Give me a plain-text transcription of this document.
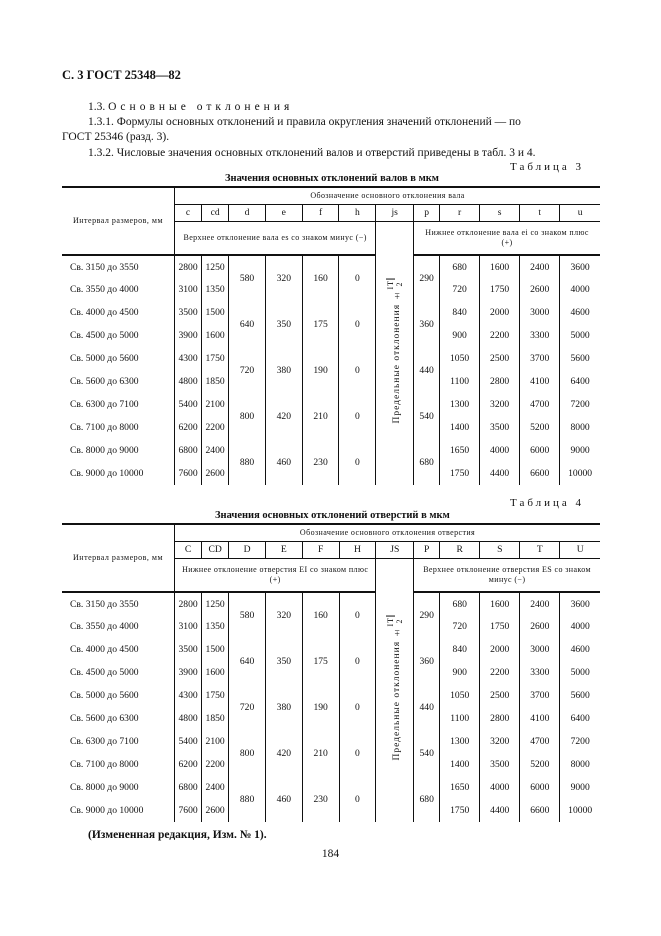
С. 3 ГОСТ 25348—82
1.3. Основные отклонения
1.3.1. Формулы основных отклонений и правила округления значений отклонений — по
ГОСТ 25346 (разд. 3).
1.3.2. Числовые значения основных отклонений валов и отверстий приведены в табл. 3 и 4.
Таблица 3
Значения основных отклонений валов в мкм
Интервал размеров, мм	Обозначение основного отклонения вала											
	c	cd	d	e	f	h	js	p	r	s	t	u
	Верхнее отклонение вала es со знаком минус (−)						Предельные отклонения ±
IT 2	Нижнее отклонение вала ei со знаком плюс (+)				
Св. 3150 до 3550	2800	1250	580	320	160	0		290	680	1600	2400	3600
Св. 3550 до 4000	3100	1350							720	1750	2600	4000
Св. 4000 до 4500	3500	1500	640	350	175	0		360	840	2000	3000	4600
Св. 4500 до 5000	3900	1600							900	2200	3300	5000
Св. 5000 до 5600	4300	1750	720	380	190	0		440	1050	2500	3700	5600
Св. 5600 до 6300	4800	1850							1100	2800	4100	6400
Св. 6300 до 7100	5400	2100	800	420	210	0		540	1300	3200	4700	7200
Св. 7100 до 8000	6200	2200							1400	3500	5200	8000
Св. 8000 до 9000	6800	2400	880	460	230	0		680	1650	4000	6000	9000
Св. 9000 до 10000	7600	2600							1750	4400	6600	10000
Таблица 4
Значения основных отклонений отверстий в мкм
Интервал размеров, мм	Обозначение основного отклонения отверстия											
	C	CD	D	E	F	H	JS	P	R	S	T	U
	Нижнее отклонение отверстия EI со знаком плюс (+)						Предельные отклонения ±
IT 2	Верхнее отклонение отверстия ES со знаком минус (−)				
Св. 3150 до 3550	2800	1250	580	320	160	0		290	680	1600	2400	3600
Св. 3550 до 4000	3100	1350							720	1750	2600	4000
Св. 4000 до 4500	3500	1500	640	350	175	0		360	840	2000	3000	4600
Св. 4500 до 5000	3900	1600							900	2200	3300	5000
Св. 5000 до 5600	4300	1750	720	380	190	0		440	1050	2500	3700	5600
Св. 5600 до 6300	4800	1850							1100	2800	4100	6400
Св. 6300 до 7100	5400	2100	800	420	210	0		540	1300	3200	4700	7200
Св. 7100 до 8000	6200	2200							1400	3500	5200	8000
Св. 8000 до 9000	6800	2400	880	460	230	0		680	1650	4000	6000	9000
Св. 9000 до 10000	7600	2600							1750	4400	6600	10000
(Измененная редакция, Изм. № 1).
184
